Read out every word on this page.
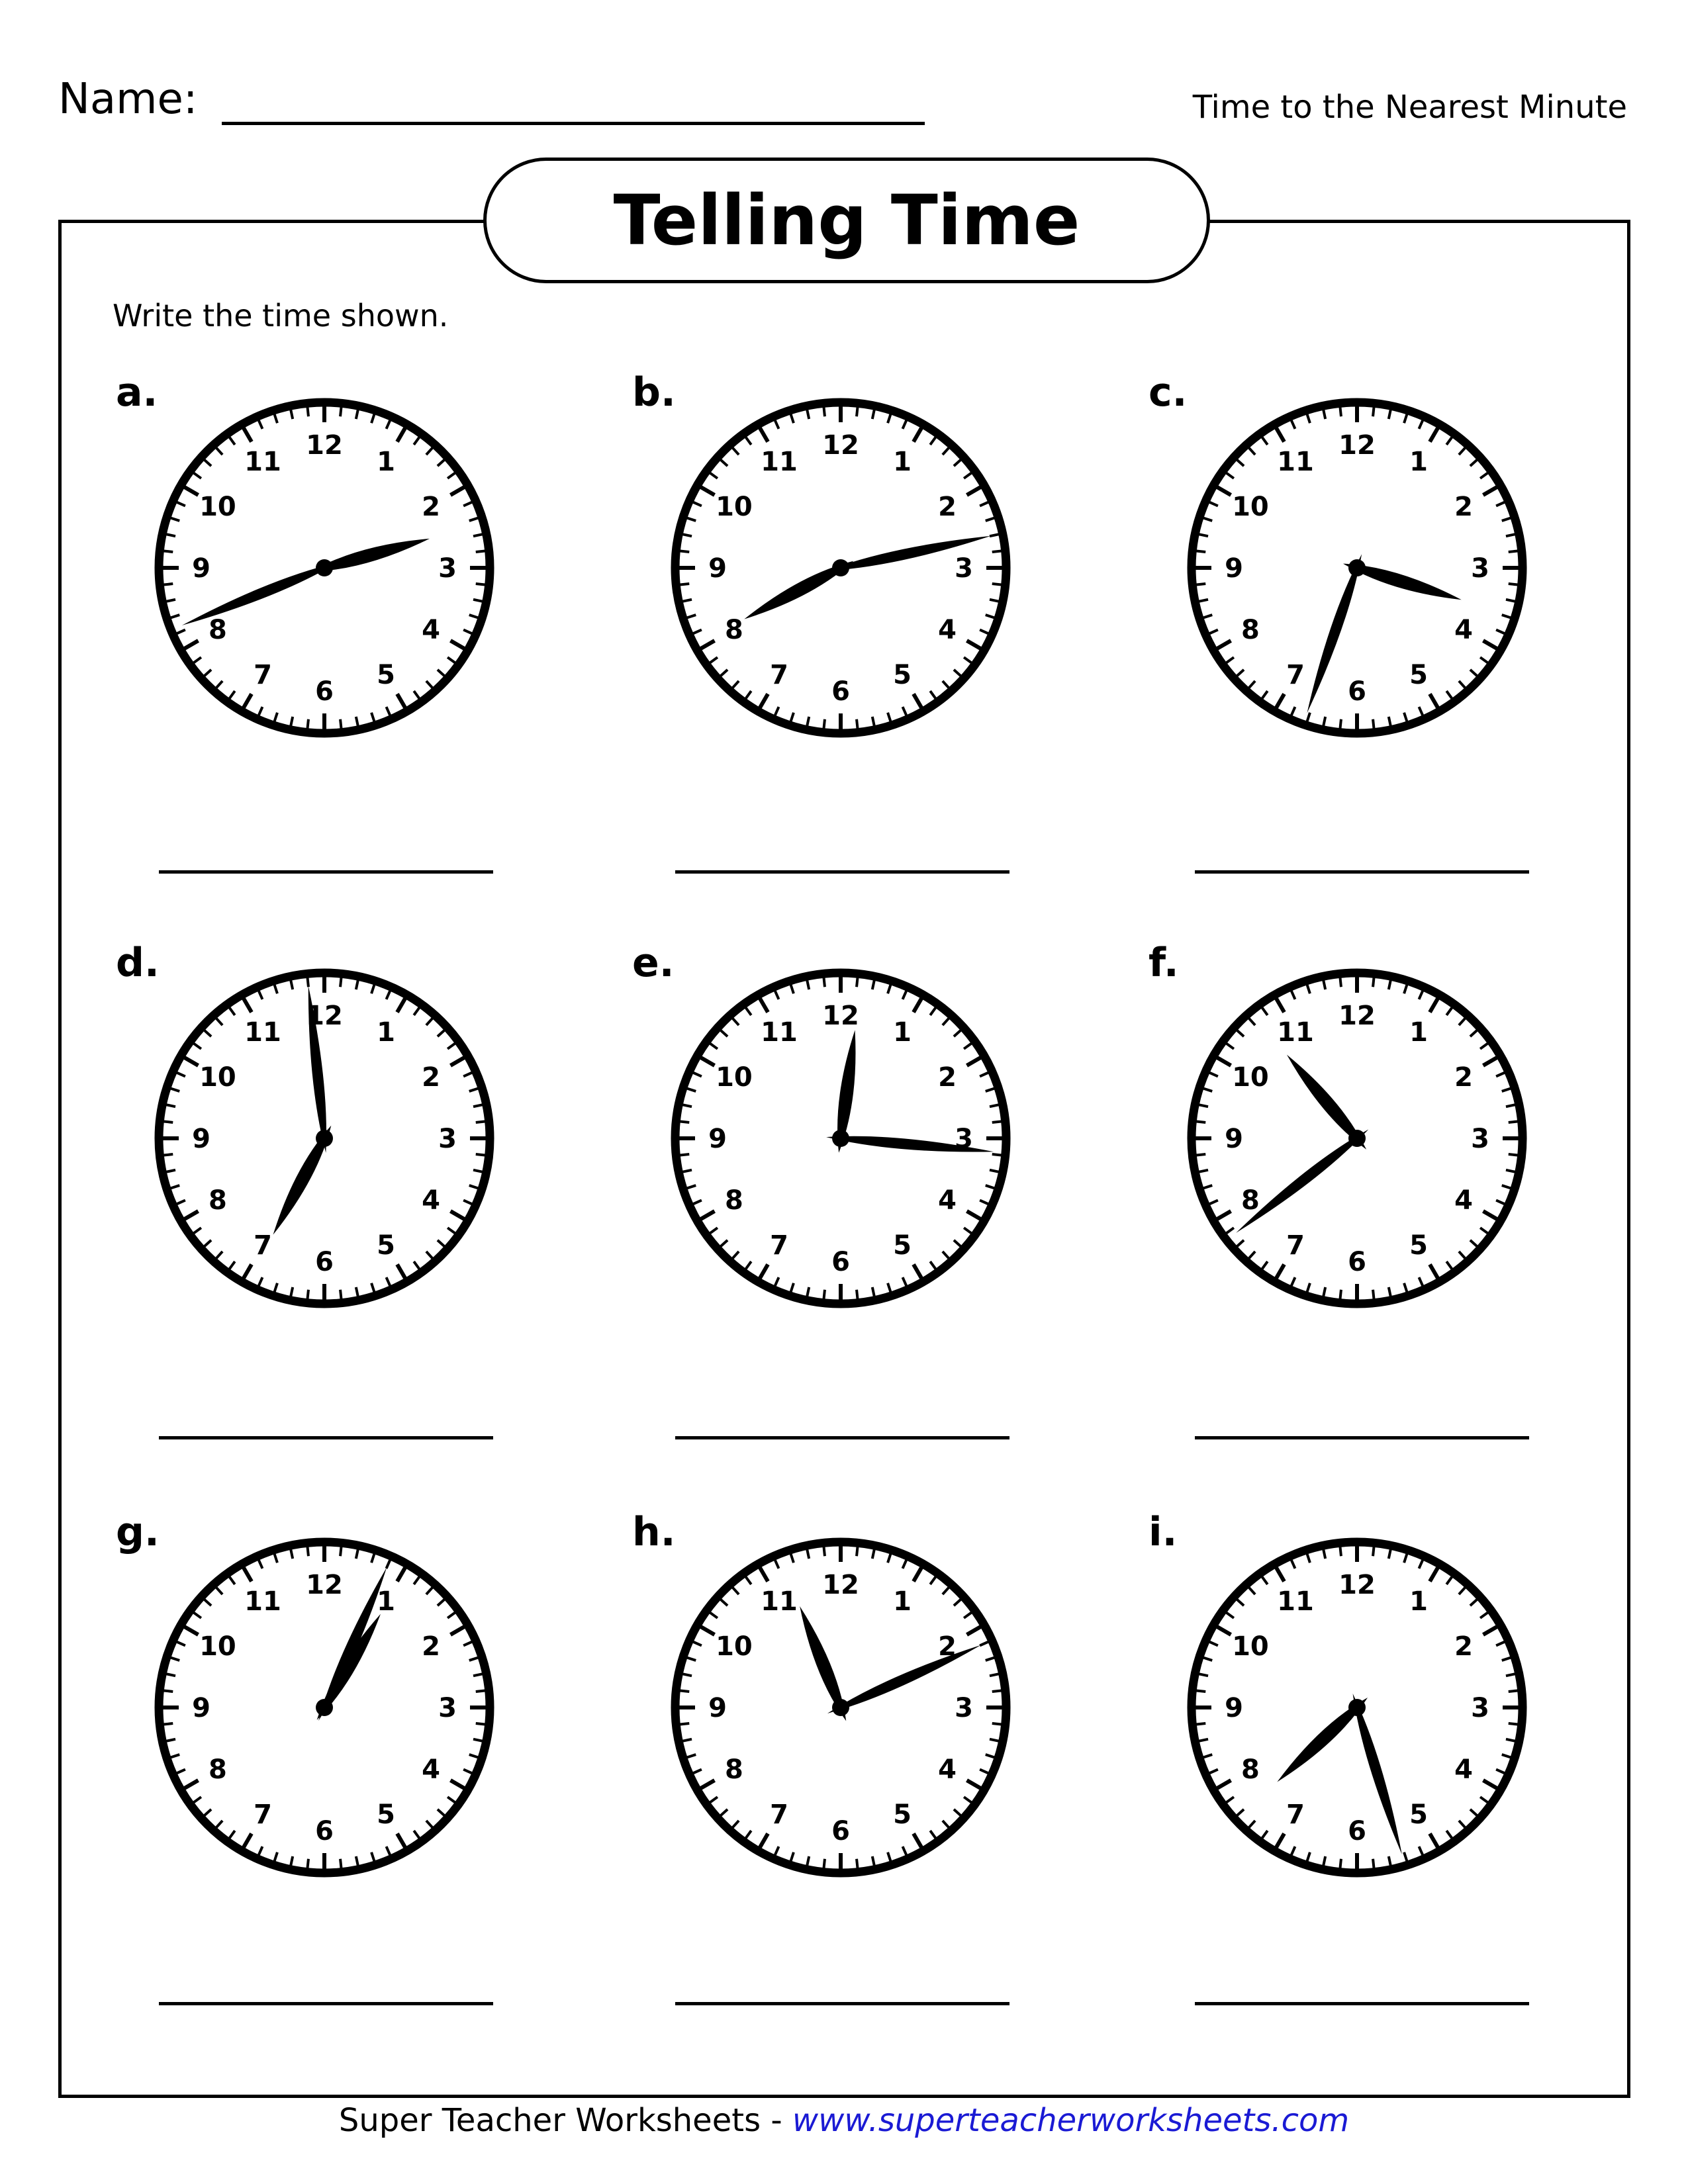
Name:	Time to the Nearest Minute
Telling Time
Write the time shown.
a.
12
1
2
3
4
5
6
7
8
9
10
11
b.
12
1
2
3
4
5
6
7
8
9
10
11
c.
12
1
2
3
4
5
6
7
8
9
10
11
d.
12
1
2
3
4
5
6
7
8
9
10
11
e.
12
1
2
3
4
5
6
7
8
9
10
11
f.
12
1
2
3
4
5
6
7
8
9
10
11
g.
12
1
2
3
4
5
6
7
8
9
10
11
h.
12
1
2
3
4
5
6
7
8
9
10
11
i.
12
1
2
3
4
5
6
7
8
9
10
11
Super Teacher Worksheets - www.superteacherworksheets.com
